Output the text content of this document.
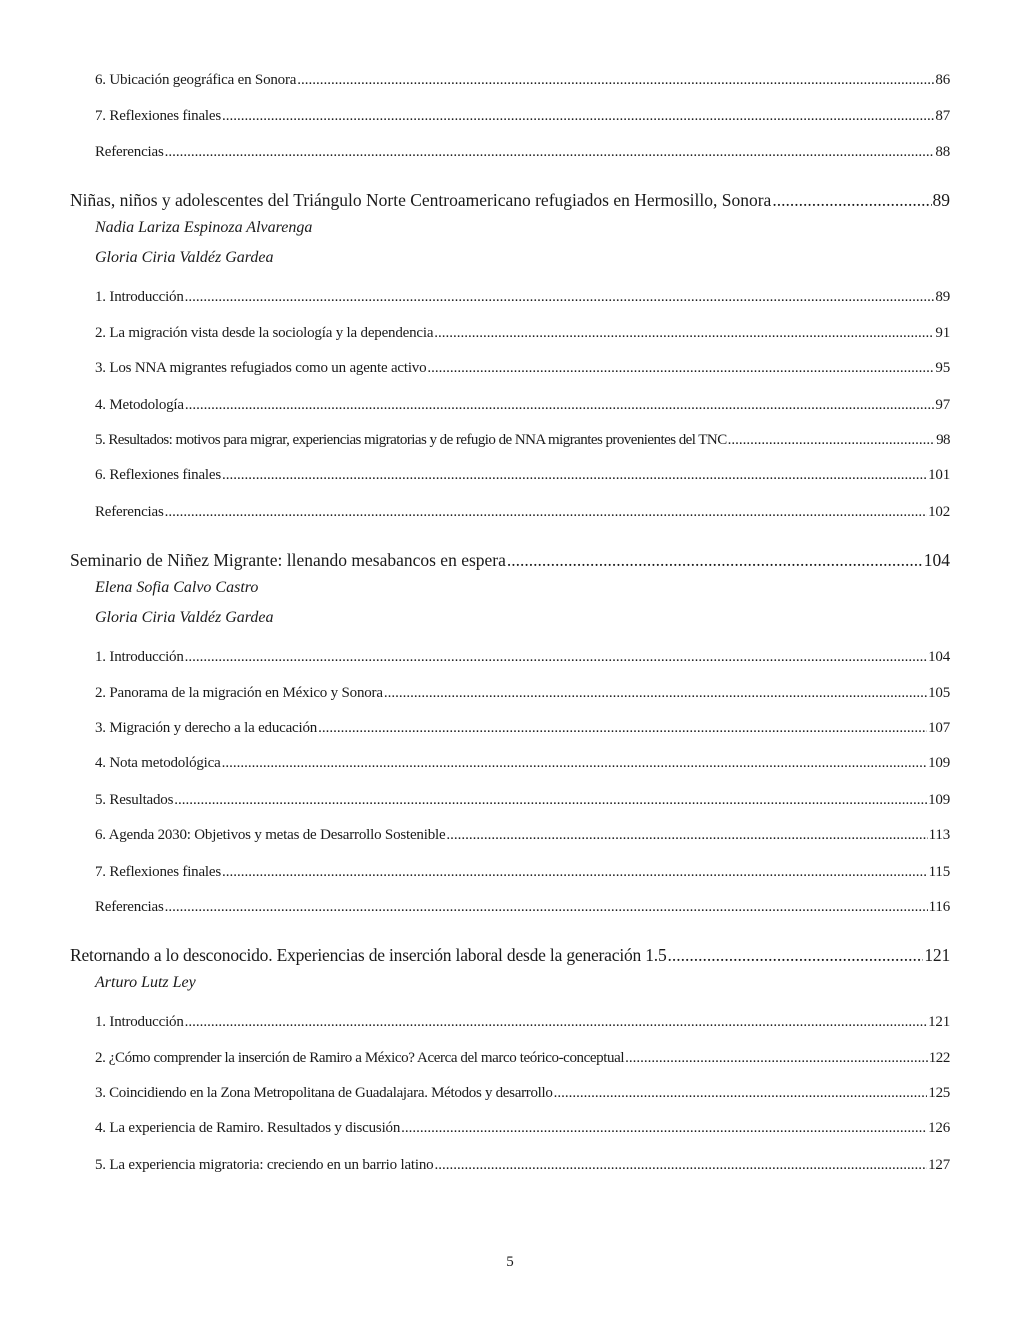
6. Ubicación geográfica en Sonora .....	86
7. Reflexiones finales .....	87
Referencias .....	88
Niñas, niños y adolescentes del Triángulo Norte Centroamericano refugiados en Hermosillo, Sonora .....	89
Nadia Lariza Espinoza Alvarenga
Gloria Ciria Valdéz Gardea
1. Introducción .....	89
2. La migración vista desde la sociología y la dependencia .....	91
3. Los NNA migrantes refugiados como un agente activo .....	95
4. Metodología .....	97
5. Resultados: motivos para migrar, experiencias migratorias y de refugio de NNA migrantes provenientes del TNC .....	98
6. Reflexiones finales .....	101
Referencias .....	102
Seminario de Niñez Migrante: llenando mesabancos en espera .....	104
Elena Sofia Calvo Castro
Gloria Ciria Valdéz Gardea
1. Introducción .....	104
2. Panorama de la migración en México y Sonora .....	105
3. Migración y derecho a la educación .....	107
4. Nota metodológica .....	109
5. Resultados .....	109
6. Agenda 2030: Objetivos y metas de Desarrollo Sostenible .....	113
7. Reflexiones finales .....	115
Referencias .....	116
Retornando a lo desconocido. Experiencias de inserción laboral desde la generación 1.5 .....	121
Arturo Lutz Ley
1. Introducción .....	121
2. ¿Cómo comprender la inserción de Ramiro a México? Acerca del marco teórico-conceptual .....	122
3. Coincidiendo en la Zona Metropolitana de Guadalajara. Métodos y desarrollo .....	125
4. La experiencia de Ramiro. Resultados y discusión .....	126
5. La experiencia migratoria: creciendo en un barrio latino .....	127
5
